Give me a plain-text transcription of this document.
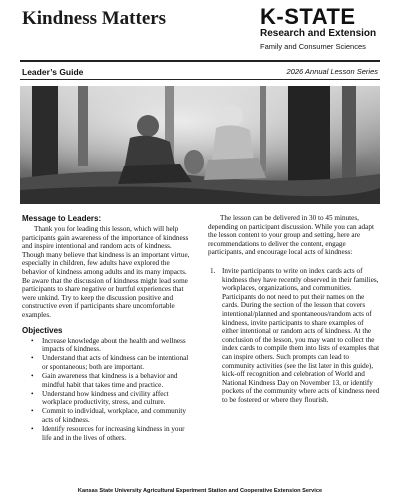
Kindness Matters	K-STATE
Research and Extension
Family and Consumer Sciences
Leader’s Guide	2026 Annual Lesson Series
Message to Leaders:

Thank you for leading this lesson, which will help participants gain awareness of the importance of kindness and inspire intentional and random acts of kindness. Though many believe that kindness is an important virtue, especially in children, few adults have explored the behavior of kindness among adults and its many impacts. Be aware that the discussion of kindness might lead some participants to share negative or hurtful experiences that were unkind. Try to keep the discussion positive and constructive even if participants share uncomfortable examples.

Objectives
• Increase knowledge about the health and wellness impacts of kindness.
• Understand that acts of kindness can be intentional or spontaneous; both are important.
• Gain awareness that kindness is a behavior and mindful habit that takes time and practice.
• Understand how kindness and civility affect workplace productivity, stress, and culture.
• Commit to individual, workplace, and community acts of kindness.
• Identify resources for increasing kindness in your life and in the lives of others.

The lesson can be delivered in 30 to 45 minutes, depending on participant discussion. While you can adapt the lesson content to your group and setting, here are recommendations to deliver the content, engage participants, and encourage local acts of kindness:

1. Invite participants to write on index cards acts of kindness they have recently observed in their families, workplaces, organizations, and communities. Participants do not need to put their names on the cards. During the section of the lesson that covers intentional/planned and spontaneous/random acts of kindness, invite participants to share examples of either intentional or random acts of kindness. At the conclusion of the lesson, you may want to collect the index cards to compile them into lists of examples that can inspire others. Such prompts can lead to community activities (see the list later in this guide), kick-off recognition and celebration of World and National Kindness Day on November 13, or identify pockets of the community where acts of kindness need to be fostered or where they flourish.
Kansas State University Agricultural Experiment Station and Cooperative Extension Service
